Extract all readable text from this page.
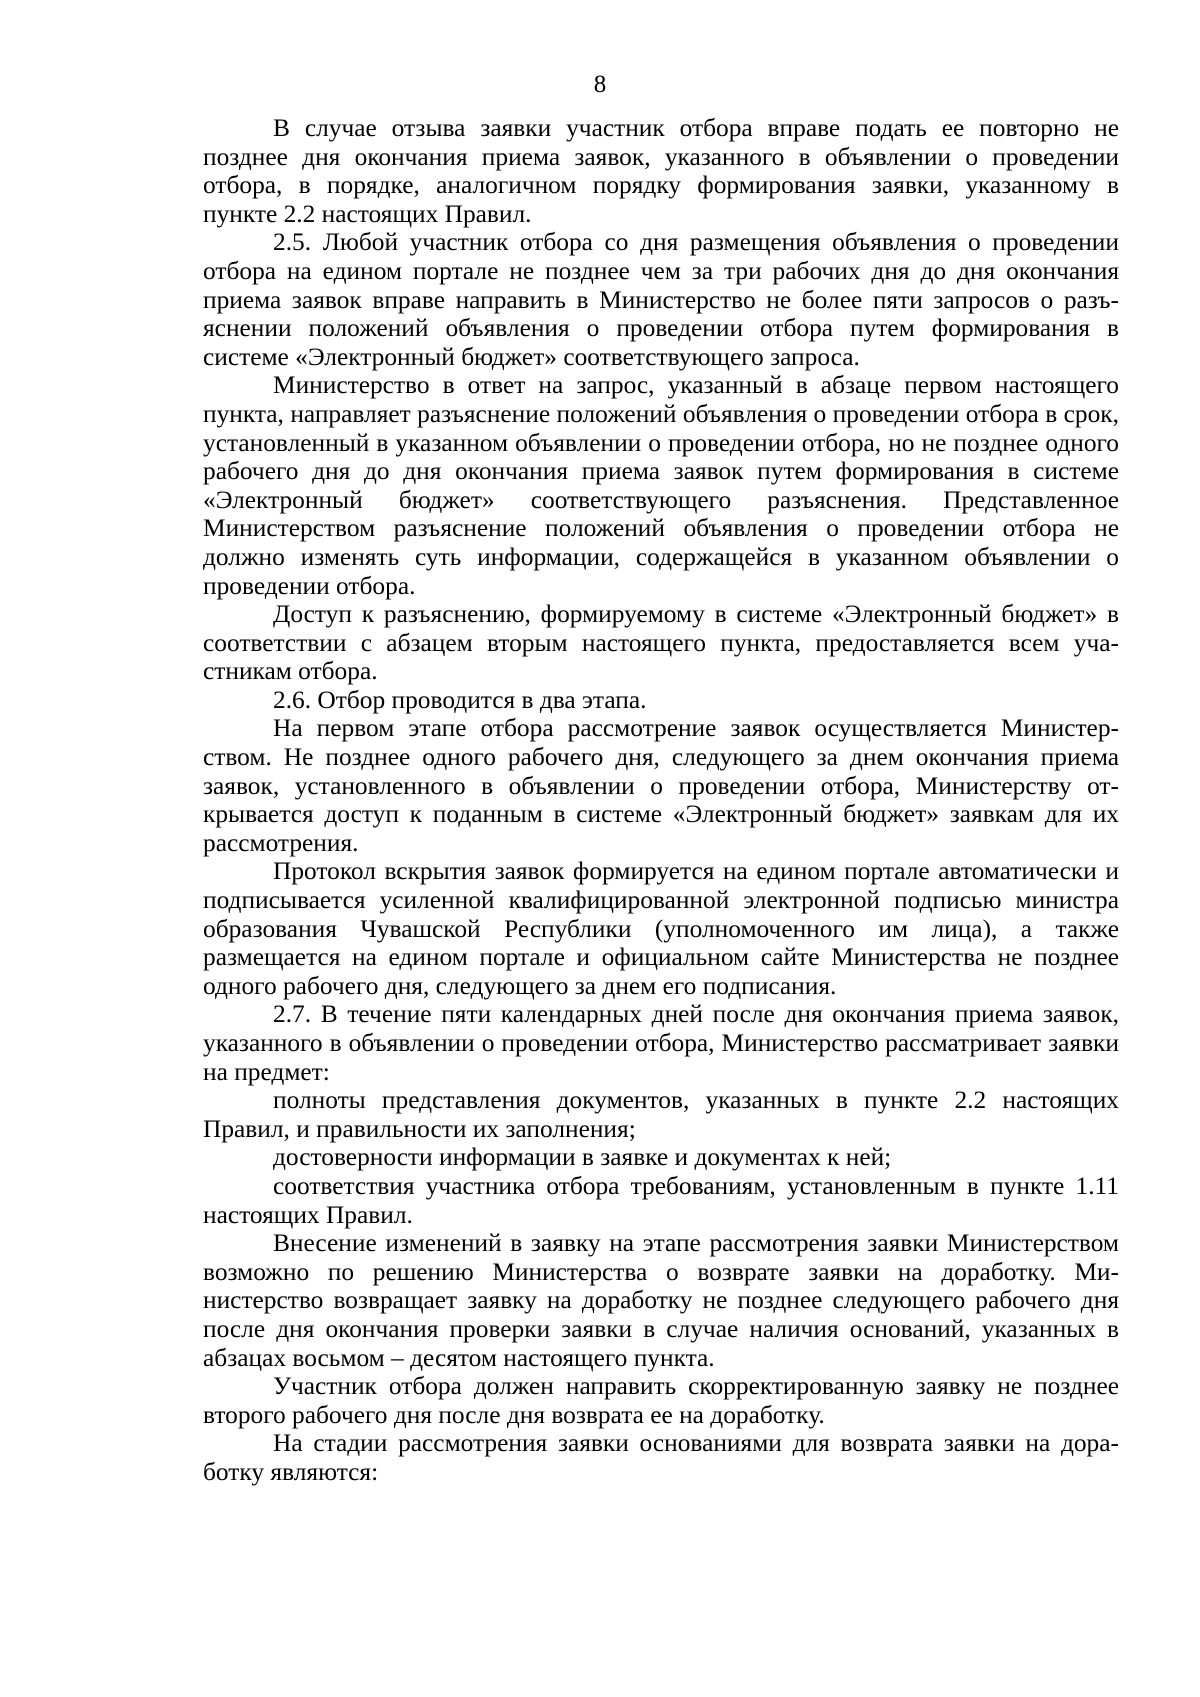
8

В случае отзыва заявки участник отбора вправе подать ее повторно не позднее дня окончания приема заявок, указанного в объявлении о проведении отбора, в порядке, аналогичном порядку формирования заявки, указанному в пункте 2.2 настоящих Правил.

2.5. Любой участник отбора со дня размещения объявления о проведении отбора на едином портале не позднее чем за три рабочих дня до дня окончания приема заявок вправе направить в Министерство не более пяти запросов о разъяснении положений объявления о проведении отбора путем формирования в системе «Электронный бюджет» соответствующего запроса.

Министерство в ответ на запрос, указанный в абзаце первом настоящего пункта, направляет разъяснение положений объявления о проведении отбора в срок, установленный в указанном объявлении о проведении отбора, но не позднее одного рабочего дня до дня окончания приема заявок путем формирования в системе «Электронный бюджет» соответствующего разъяснения. Представленное Министерством разъяснение положений объявления о проведении отбора не должно изменять суть информации, содержащейся в указанном объявлении о проведении отбора.

Доступ к разъяснению, формируемому в системе «Электронный бюджет» в соответствии с абзацем вторым настоящего пункта, предоставляется всем участникам отбора.

2.6. Отбор проводится в два этапа.

На первом этапе отбора рассмотрение заявок осуществляется Министерством. Не позднее одного рабочего дня, следующего за днем окончания приема заявок, установленного в объявлении о проведении отбора, Министерству открывается доступ к поданным в системе «Электронный бюджет» заявкам для их рассмотрения.

Протокол вскрытия заявок формируется на едином портале автоматически и подписывается усиленной квалифицированной электронной подписью министра образования Чувашской Республики (уполномоченного им лица), а также размещается на едином портале и официальном сайте Министерства не позднее одного рабочего дня, следующего за днем его подписания.

2.7. В течение пяти календарных дней после дня окончания приема заявок, указанного в объявлении о проведении отбора, Министерство рассматривает заявки на предмет:

полноты представления документов, указанных в пункте 2.2 настоящих Правил, и правильности их заполнения;

достоверности информации в заявке и документах к ней;

соответствия участника отбора требованиям, установленным в пункте 1.11 настоящих Правил.

Внесение изменений в заявку на этапе рассмотрения заявки Министерством возможно по решению Министерства о возврате заявки на доработку. Министерство возвращает заявку на доработку не позднее следующего рабочего дня после дня окончания проверки заявки в случае наличия оснований, указанных в абзацах восьмом – десятом настоящего пункта.

Участник отбора должен направить скорректированную заявку не позднее второго рабочего дня после дня возврата ее на доработку.

На стадии рассмотрения заявки основаниями для возврата заявки на доработку являются:
